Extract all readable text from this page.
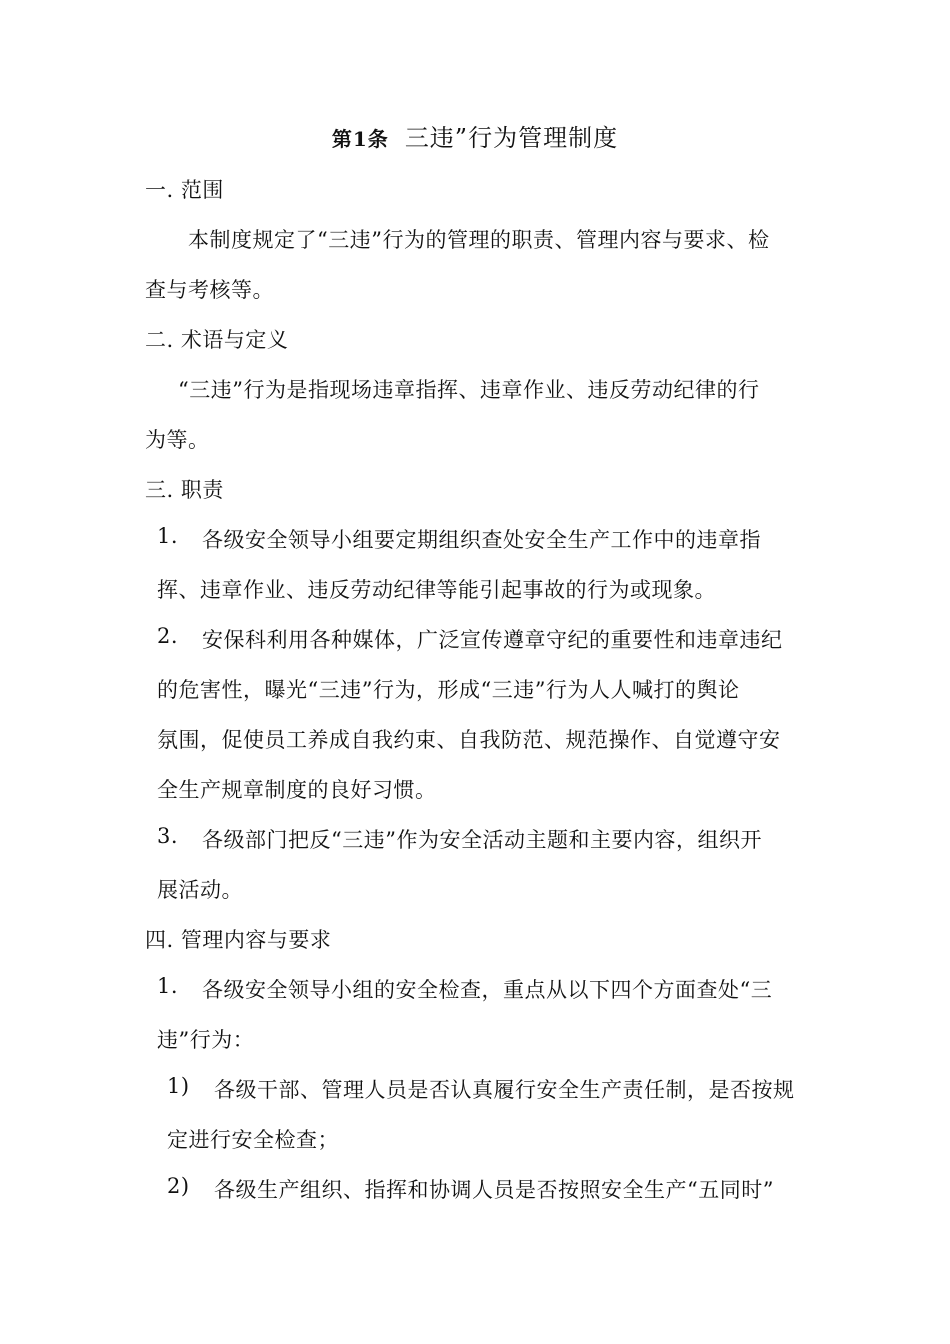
第1条 三违”行为管理制度
一. 范围
本制度规定了“三违”行为的管理的职责、管理内容与要求、检
查与考核等。
二. 术语与定义
“三违”行为是指现场违章指挥、违章作业、违反劳动纪律的行
为等。
三. 职责
1. 各级安全领导小组要定期组织查处安全生产工作中的违章指
挥、违章作业、违反劳动纪律等能引起事故的行为或现象。
2. 安保科利用各种媒体，广泛宣传遵章守纪的重要性和违章违纪
的危害性，曝光“三违”行为，形成“三违”行为人人喊打的舆论
氛围，促使员工养成自我约束、自我防范、规范操作、自觉遵守安
全生产规章制度的良好习惯。
3. 各级部门把反“三违”作为安全活动主题和主要内容，组织开
展活动。
四. 管理内容与要求
1. 各级安全领导小组的安全检查，重点从以下四个方面查处“三
违”行为：
1) 各级干部、管理人员是否认真履行安全生产责任制，是否按规
定进行安全检查；
2) 各级生产组织、指挥和协调人员是否按照安全生产“五同时”
